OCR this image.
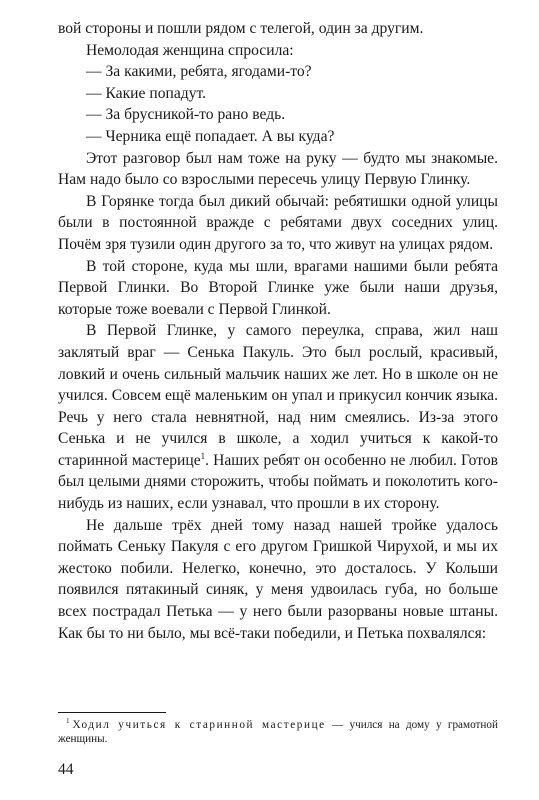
вой стороны и пошли рядом с телегой, один за другим.

Немолодая женщина спросила:

— За какими, ребята, ягодами-то?

— Какие попадут.

— За брусникой-то рано ведь.

— Черника ещё попадает. А вы куда?

Этот разговор был нам тоже на руку — будто мы знакомые. Нам надо было со взрослыми пересечь улицу Первую Глинку.

В Горянке тогда был дикий обычай: ребятишки одной улицы были в постоянной вражде с ребятами двух соседних улиц. Почём зря тузили один другого за то, что живут на улицах рядом.

В той стороне, куда мы шли, врагами нашими были ребята Первой Глинки. Во Второй Глинке уже были наши друзья, которые тоже воевали с Первой Глинкой.

В Первой Глинке, у самого переулка, справа, жил наш заклятый враг — Сенька Пакуль. Это был рослый, красивый, ловкий и очень сильный мальчик наших же лет. Но в школе он не учился. Совсем ещё маленьким он упал и прикусил кончик языка. Речь у него стала невнятной, над ним смеялись. Из-за этого Сенька и не учился в школе, а ходил учиться к какой-то старинной мастерице$^1$. Наших ребят он особенно не любил. Готов был целыми днями сторожить, чтобы поймать и поколотить кого-нибудь из наших, если узнавал, что прошли в их сторону.

Не дальше трёх дней тому назад нашей тройке удалось поймать Сеньку Пакуля с его другом Гришкой Чирухой, и мы их жестоко побили. Нелегко, конечно, это досталось. У Кольши появился пятакиный синяк, у меня удвоилась губа, но больше всех пострадал Петька — у него были разорваны новые штаны. Как бы то ни было, мы всё-таки победили, и Петька похвалялся:

$^1$ Ходил учиться к старинной мастерице — учился на дому у грамотной женщины.
44
